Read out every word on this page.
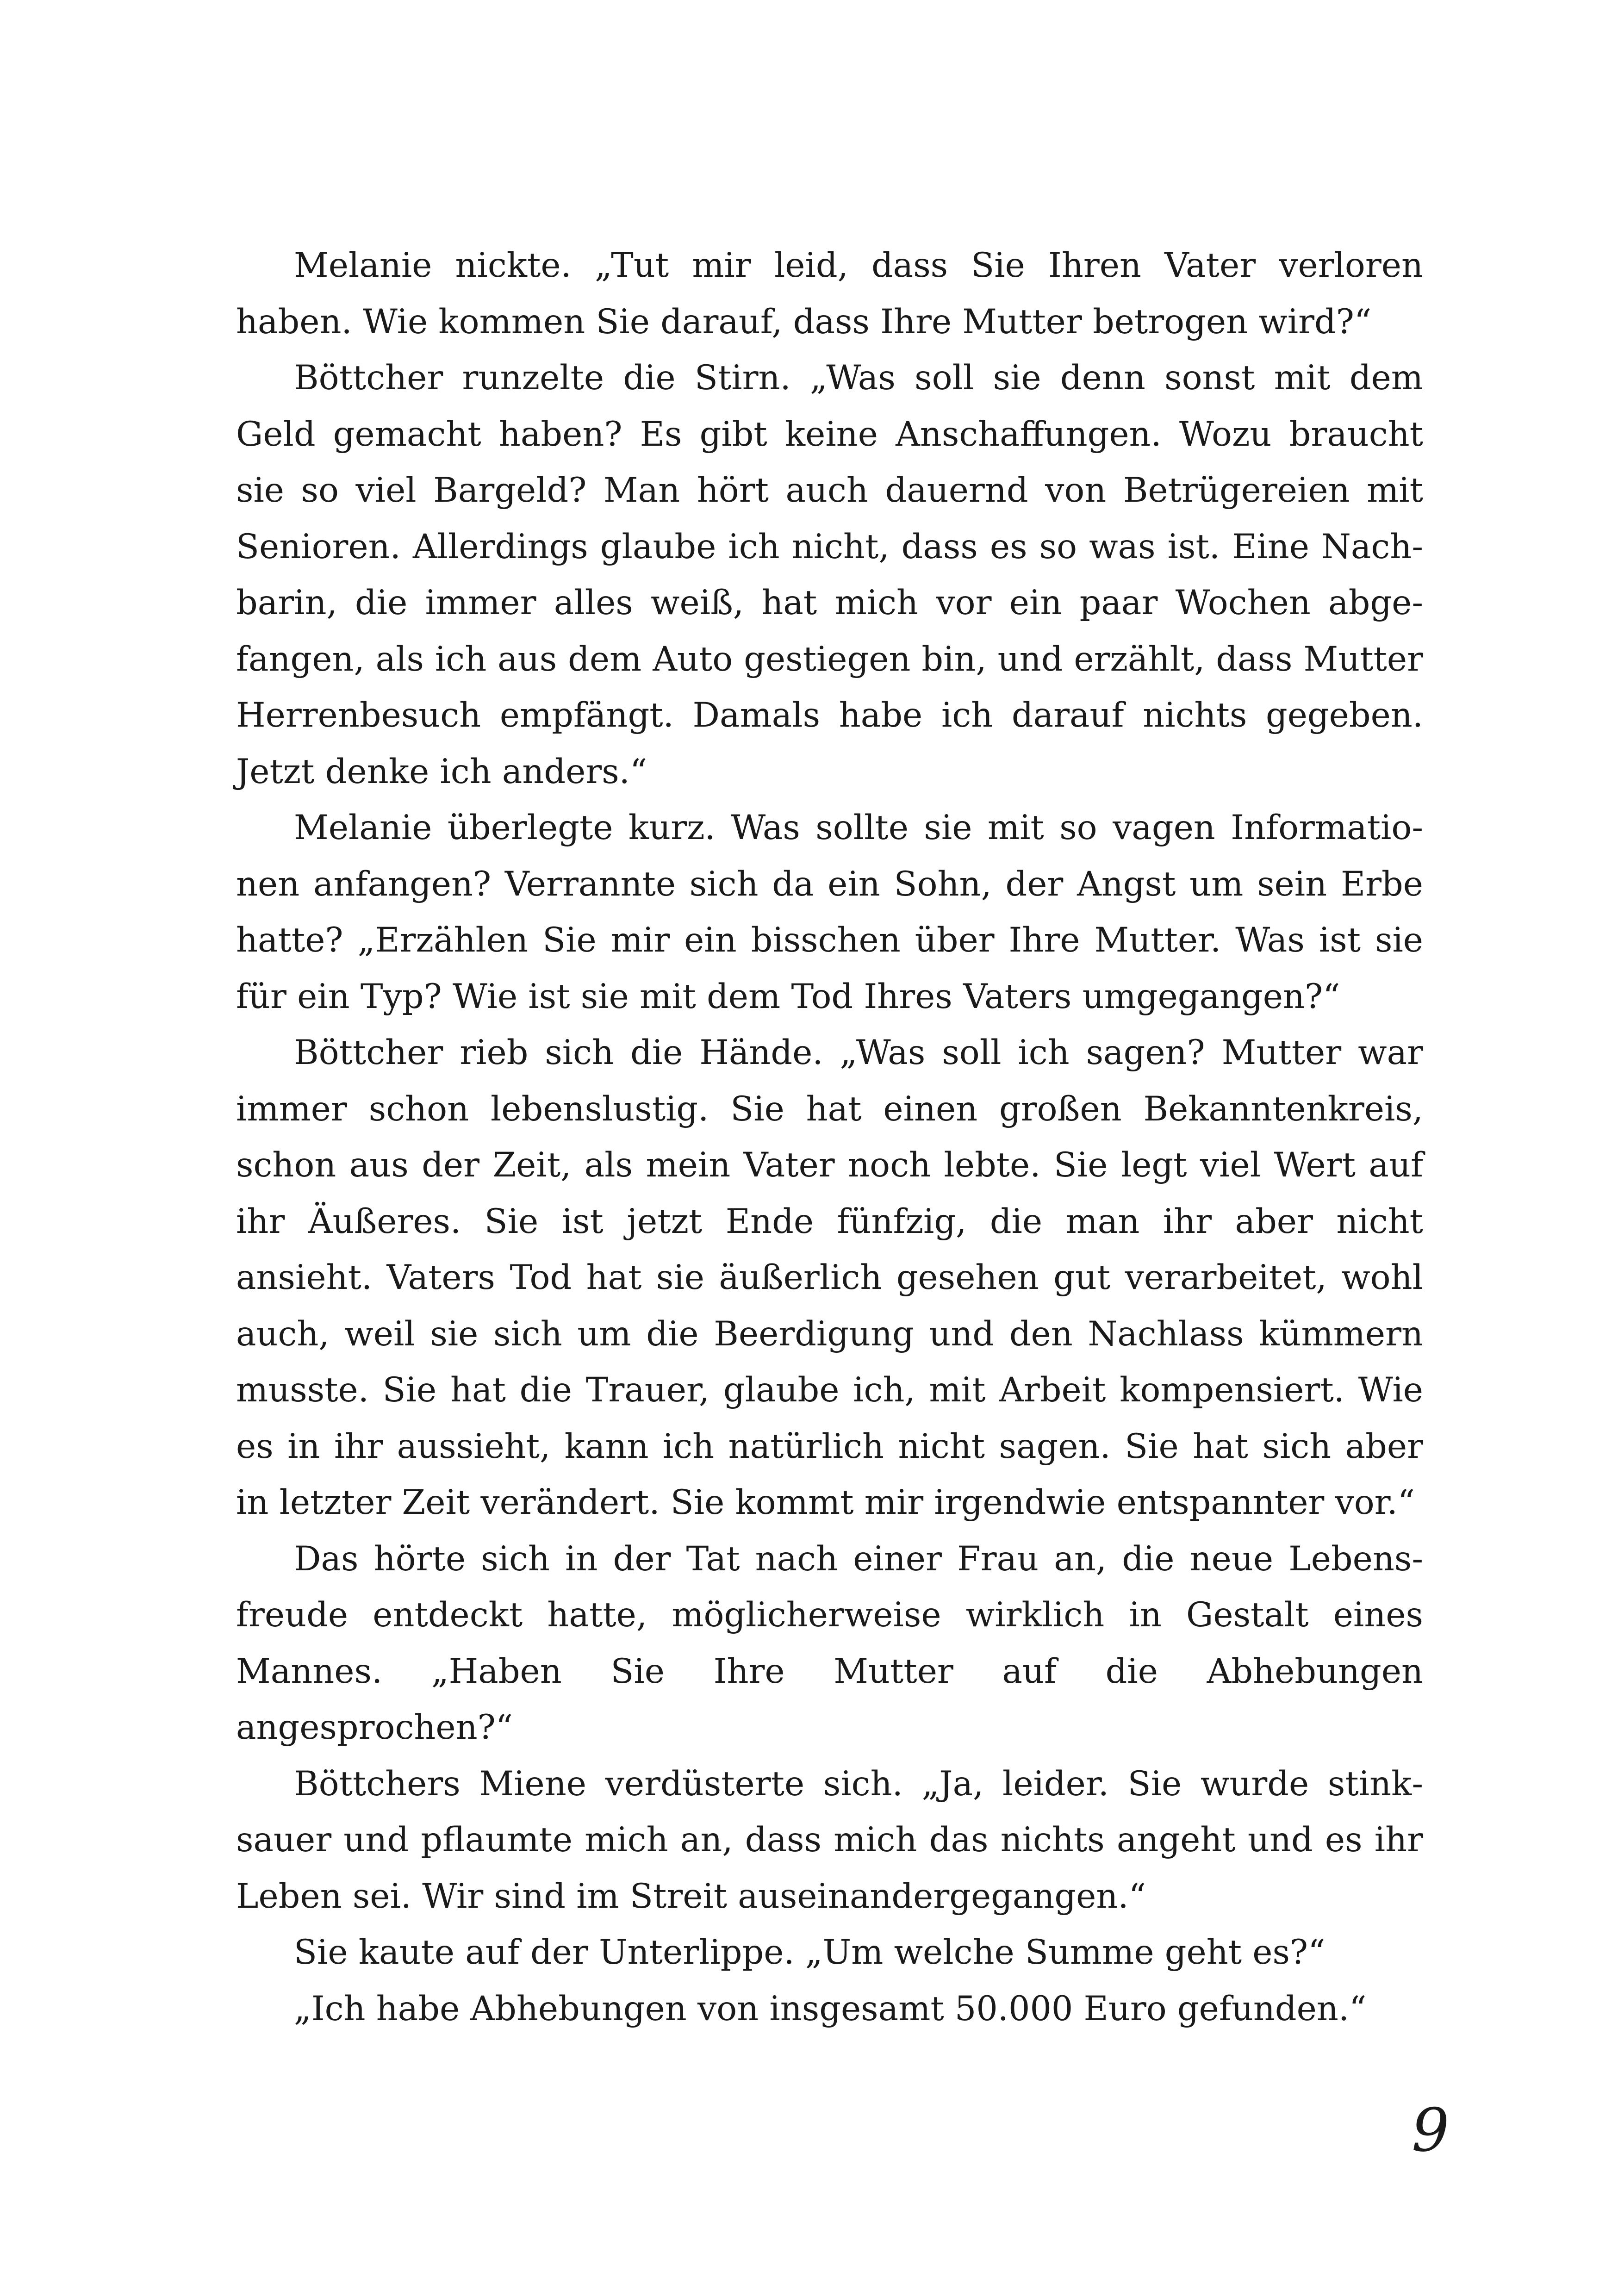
Melanie nickte. „Tut mir leid, dass Sie Ihren Vater verloren haben. Wie kommen Sie darauf, dass Ihre Mutter betrogen wird?“

Böttcher runzelte die Stirn. „Was soll sie denn sonst mit dem Geld gemacht haben? Es gibt keine Anschaffungen. Wozu braucht sie so viel Bargeld? Man hört auch dauernd von Betrügereien mit Senioren. Allerdings glaube ich nicht, dass es so was ist. Eine Nachbarin, die immer alles weiß, hat mich vor ein paar Wochen abgefangen, als ich aus dem Auto gestiegen bin, und erzählt, dass Mutter Herrenbesuch empfängt. Damals habe ich darauf nichts gegeben. Jetzt denke ich anders.“

Melanie überlegte kurz. Was sollte sie mit so vagen Informationen anfangen? Verrannte sich da ein Sohn, der Angst um sein Erbe hatte? „Erzählen Sie mir ein bisschen über Ihre Mutter. Was ist sie für ein Typ? Wie ist sie mit dem Tod Ihres Vaters umgegangen?“

Böttcher rieb sich die Hände. „Was soll ich sagen? Mutter war immer schon lebenslustig. Sie hat einen großen Bekanntenkreis, schon aus der Zeit, als mein Vater noch lebte. Sie legt viel Wert auf ihr Äußeres. Sie ist jetzt Ende fünfzig, die man ihr aber nicht ansieht. Vaters Tod hat sie äußerlich gesehen gut verarbeitet, wohl auch, weil sie sich um die Beerdigung und den Nachlass kümmern musste. Sie hat die Trauer, glaube ich, mit Arbeit kompensiert. Wie es in ihr aussieht, kann ich natürlich nicht sagen. Sie hat sich aber in letzter Zeit verändert. Sie kommt mir irgendwie entspannter vor.“

Das hörte sich in der Tat nach einer Frau an, die neue Lebensfreude entdeckt hatte, möglicherweise wirklich in Gestalt eines Mannes. „Haben Sie Ihre Mutter auf die Abhebungen angesprochen?“

Böttchers Miene verdüsterte sich. „Ja, leider. Sie wurde stinksauer und pflaumte mich an, dass mich das nichts angeht und es ihr Leben sei. Wir sind im Streit auseinandergegangen.“

Sie kaute auf der Unterlippe. „Um welche Summe geht es?“

„Ich habe Abhebungen von insgesamt 50.000 Euro gefunden.“

9
